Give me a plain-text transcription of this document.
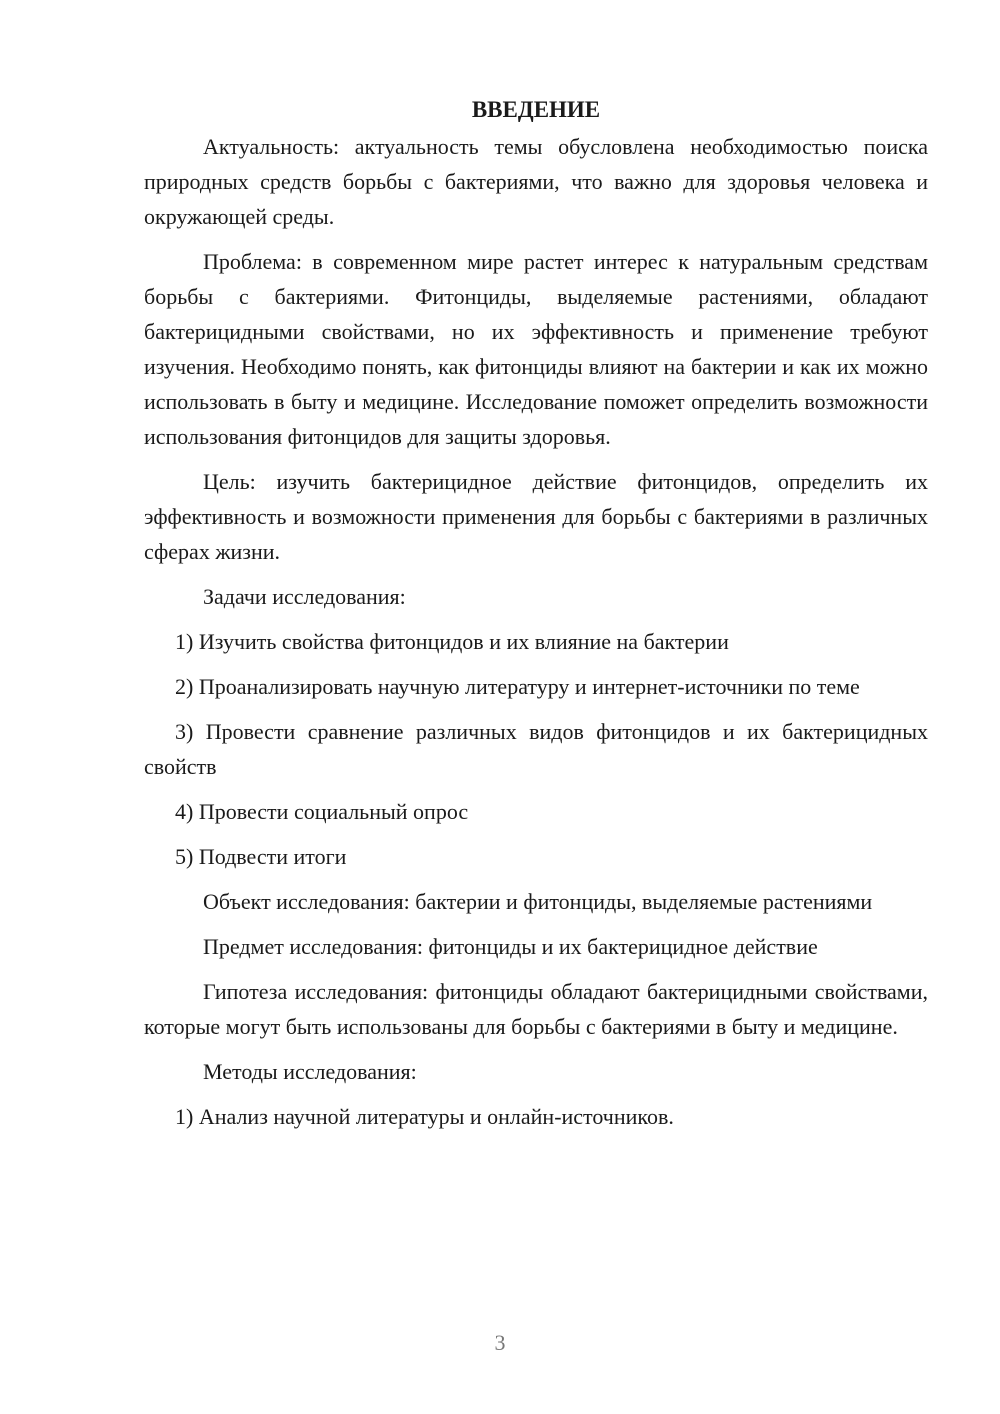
ВВЕДЕНИЕ

Актуальность: актуальность темы обусловлена необходимостью поиска природных средств борьбы с бактериями, что важно для здоровья человека и окружающей среды.

Проблема: в современном мире растет интерес к натуральным средствам борьбы с бактериями. Фитонциды, выделяемые растениями, обладают бактерицидными свойствами, но их эффективность и применение требуют изучения. Необходимо понять, как фитонциды влияют на бактерии и как их можно использовать в быту и медицине. Исследование поможет определить возможности использования фитонцидов для защиты здоровья.

Цель: изучить бактерицидное действие фитонцидов, определить их эффективность и возможности применения для борьбы с бактериями в различных сферах жизни.

Задачи исследования:

1) Изучить свойства фитонцидов и их влияние на бактерии

2) Проанализировать научную литературу и интернет-источники по теме

3) Провести сравнение различных видов фитонцидов и их бактерицидных свойств

4) Провести социальный опрос

5) Подвести итоги

Объект исследования: бактерии и фитонциды, выделяемые растениями

Предмет исследования: фитонциды и их бактерицидное действие

Гипотеза исследования: фитонциды обладают бактерицидными свойствами, которые могут быть использованы для борьбы с бактериями в быту и медицине.

Методы исследования:

1) Анализ научной литературы и онлайн-источников.

3
